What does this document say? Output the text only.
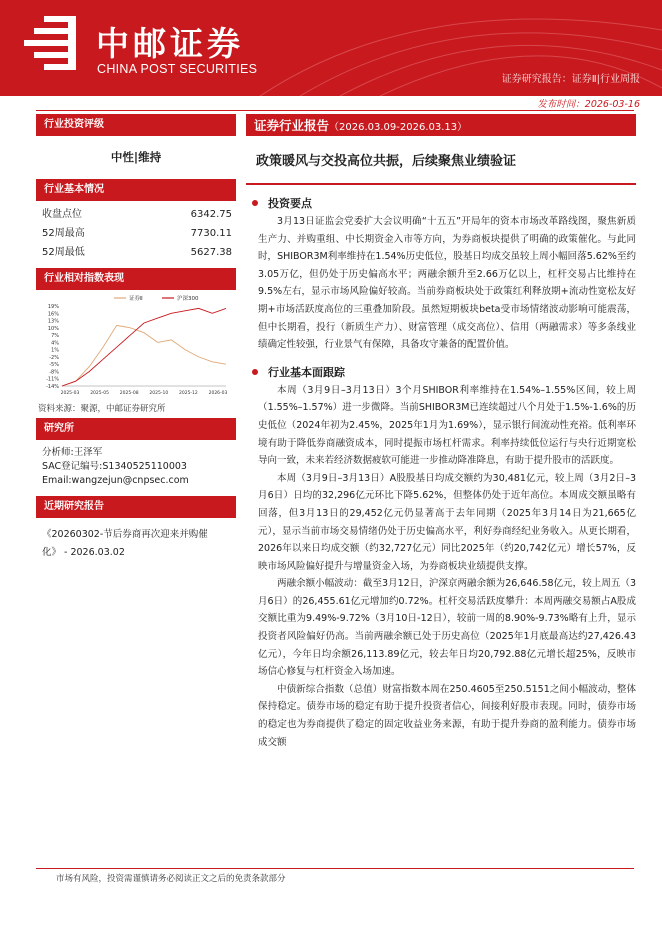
中邮证券
CHINA POST SECURITIES
证券研究报告：证券Ⅱ|行业周报
发布时间：2026-03-16
行业投资评级
中性|维持
行业基本情况
收盘点位	6342.75
52周最高	7730.11
52周最低	5627.38
行业相对指数表现
19%
16%
13%
10%
7%
4%
1%
-2%
-5%
-8%
-11%
-14%
2025-03 2025-05 2025-08 2025-10 2025-12 2026-03
证券Ⅱ	沪深300
资料来源：聚源，中邮证券研究所
研究所
分析师:王泽军
SAC登记编号:S1340525110003
Email:wangzejun@cnpsec.com
近期研究报告
《20260302-节后券商再次迎来并购催
化》 - 2026.03.02
证券行业报告（2026.03.09-2026.03.13）
政策暖风与交投高位共振，后续聚焦业绩验证
投资要点

3月13日证监会党委扩大会议明确“十五五”开局年的资本市场改革路线图，聚焦新质生产力、并购重组、中长期资金入市等方向，为券商板块提供了明确的政策催化。与此同时，SHIBOR3M利率维持在1.54%历史低位，股基日均成交虽较上周小幅回落5.62%至约3.05万亿，但仍处于历史偏高水平；两融余额升至2.66万亿以上，杠杆交易占比维持在9.5%左右，显示市场风险偏好较高。当前券商板块处于政策红利释放期+流动性宽松友好期+市场活跃度高位的三重叠加阶段。虽然短期板块beta受市场情绪波动影响可能震荡，但中长期看，投行（新质生产力）、财富管理（成交高位）、信用（两融需求）等多条线业绩确定性较强，行业景气有保障，具备攻守兼备的配置价值。

行业基本面跟踪

本周（3月9日–3月13日）3个月SHIBOR利率维持在1.54%–1.55%区间，较上周（1.55%–1.57%）进一步微降。当前SHIBOR3M已连续超过八个月处于1.5%-1.6%的历史低位（2024年初为2.45%，2025年1月为1.69%），显示银行间流动性充裕。低利率环境有助于降低券商融资成本，同时提振市场杠杆需求。利率持续低位运行与央行近期宽松导向一致，未来若经济数据疲软可能进一步推动降准降息，有助于提升股市的活跃度。

本周（3月9日–3月13日）A股股基日均成交额约为30,481亿元，较上周（3月2日–3月6日）日均的32,296亿元环比下降5.62%，但整体仍处于近年高位。本周成交额虽略有回落，但3月13日的29,452亿元仍显著高于去年同期（2025年3月14日为21,665亿元），显示当前市场交易情绪仍处于历史偏高水平，利好券商经纪业务收入。从更长期看，2026年以来日均成交额（约32,727亿元）同比2025年（约20,742亿元）增长57%，反映市场风险偏好提升与增量资金入场，为券商板块业绩提供支撑。

两融余额小幅波动：截至3月12日，沪深京两融余额为26,646.58亿元，较上周五（3月6日）的26,455.61亿元增加约0.72%。杠杆交易活跃度攀升：本周两融交易额占A股成交额比重为9.49%-9.72%（3月10日-12日），较前一周的8.90%-9.73%略有上升，显示投资者风险偏好仍高。当前两融余额已处于历史高位（2025年1月底最高达约27,426.43亿元），今年日均余额26,113.89亿元，较去年日均20,792.88亿元增长超25%，反映市场信心修复与杠杆资金入场加速。

中债新综合指数（总值）财富指数本周在250.4605至250.5151之间小幅波动，整体保持稳定。债券市场的稳定有助于提升投资者信心，间接利好股市表现。同时，债券市场的稳定也为券商提供了稳定的固定收益业务来源，有助于提升券商的盈利能力。债券市场成交额

市场有风险，投资需谨慎请务必阅读正文之后的免责条款部分
